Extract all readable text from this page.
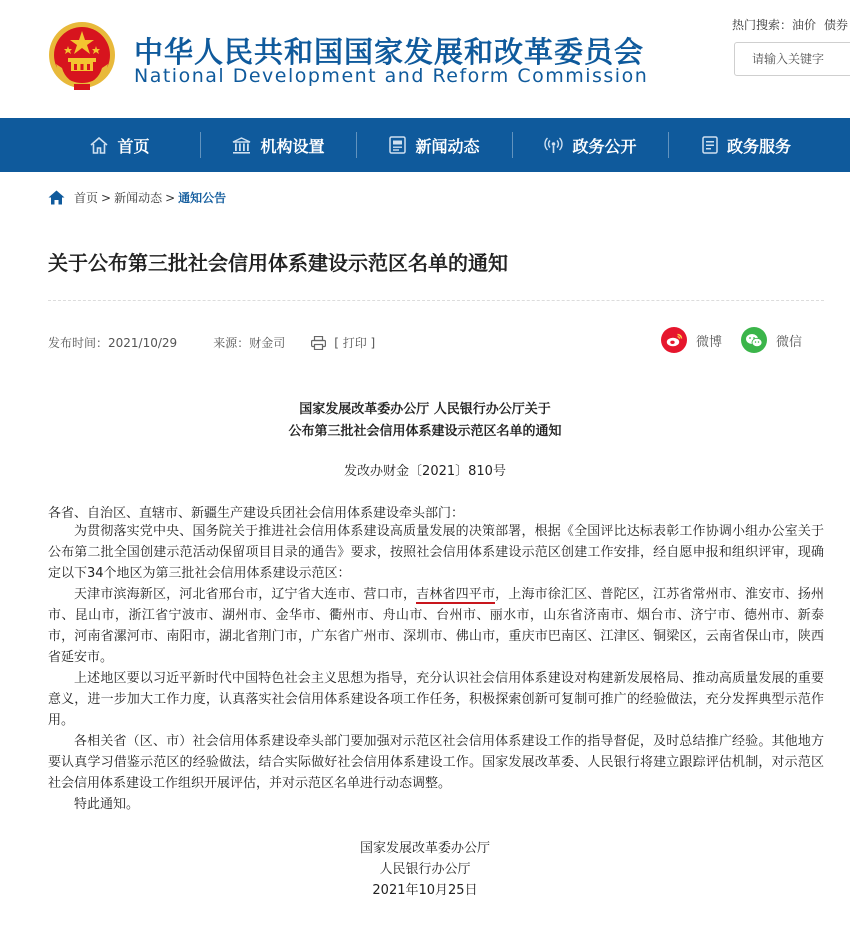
中华人民共和国国家发展和改革委员会
National Development and Reform Commission
热门搜索：油价 债券
请输入关键字
首页	机构设置	新闻动态	政务公开	政务服务
首页 > 新闻动态 > 通知公告
关于公布第三批社会信用体系建设示范区名单的通知
发布时间：2021/10/29	来源：财金司	[ 打印 ]	微博	微信
国家发展改革委办公厅 人民银行办公厅关于
公布第三批社会信用体系建设示范区名单的通知
发改办财金〔2021〕810号
各省、自治区、直辖市、新疆生产建设兵团社会信用体系建设牵头部门：
为贯彻落实党中央、国务院关于推进社会信用体系建设高质量发展的决策部署，根据《全国评比达标表彰工作协调小组办公室关于公布第二批全国创建示范活动保留项目目录的通告》要求，按照社会信用体系建设示范区创建工作安排，经自愿申报和组织评审，现确定以下34个地区为第三批社会信用体系建设示范区：
天津市滨海新区，河北省邢台市，辽宁省大连市、营口市，吉林省四平市，上海市徐汇区、普陀区，江苏省常州市、淮安市、扬州市、昆山市，浙江省宁波市、湖州市、金华市、衢州市、舟山市、台州市、丽水市，山东省济南市、烟台市、济宁市、德州市、新泰市，河南省漯河市、南阳市，湖北省荆门市，广东省广州市、深圳市、佛山市，重庆市巴南区、江津区、铜梁区，云南省保山市，陕西省延安市。
上述地区要以习近平新时代中国特色社会主义思想为指导，充分认识社会信用体系建设对构建新发展格局、推动高质量发展的重要意义，进一步加大工作力度，认真落实社会信用体系建设各项工作任务，积极探索创新可复制可推广的经验做法，充分发挥典型示范作用。
各相关省（区、市）社会信用体系建设牵头部门要加强对示范区社会信用体系建设工作的指导督促，及时总结推广经验。其他地方要认真学习借鉴示范区的经验做法，结合实际做好社会信用体系建设工作。国家发展改革委、人民银行将建立跟踪评估机制，对示范区社会信用体系建设工作组织开展评估，并对示范区名单进行动态调整。
特此通知。
国家发展改革委办公厅
人民银行办公厅
2021年10月25日
